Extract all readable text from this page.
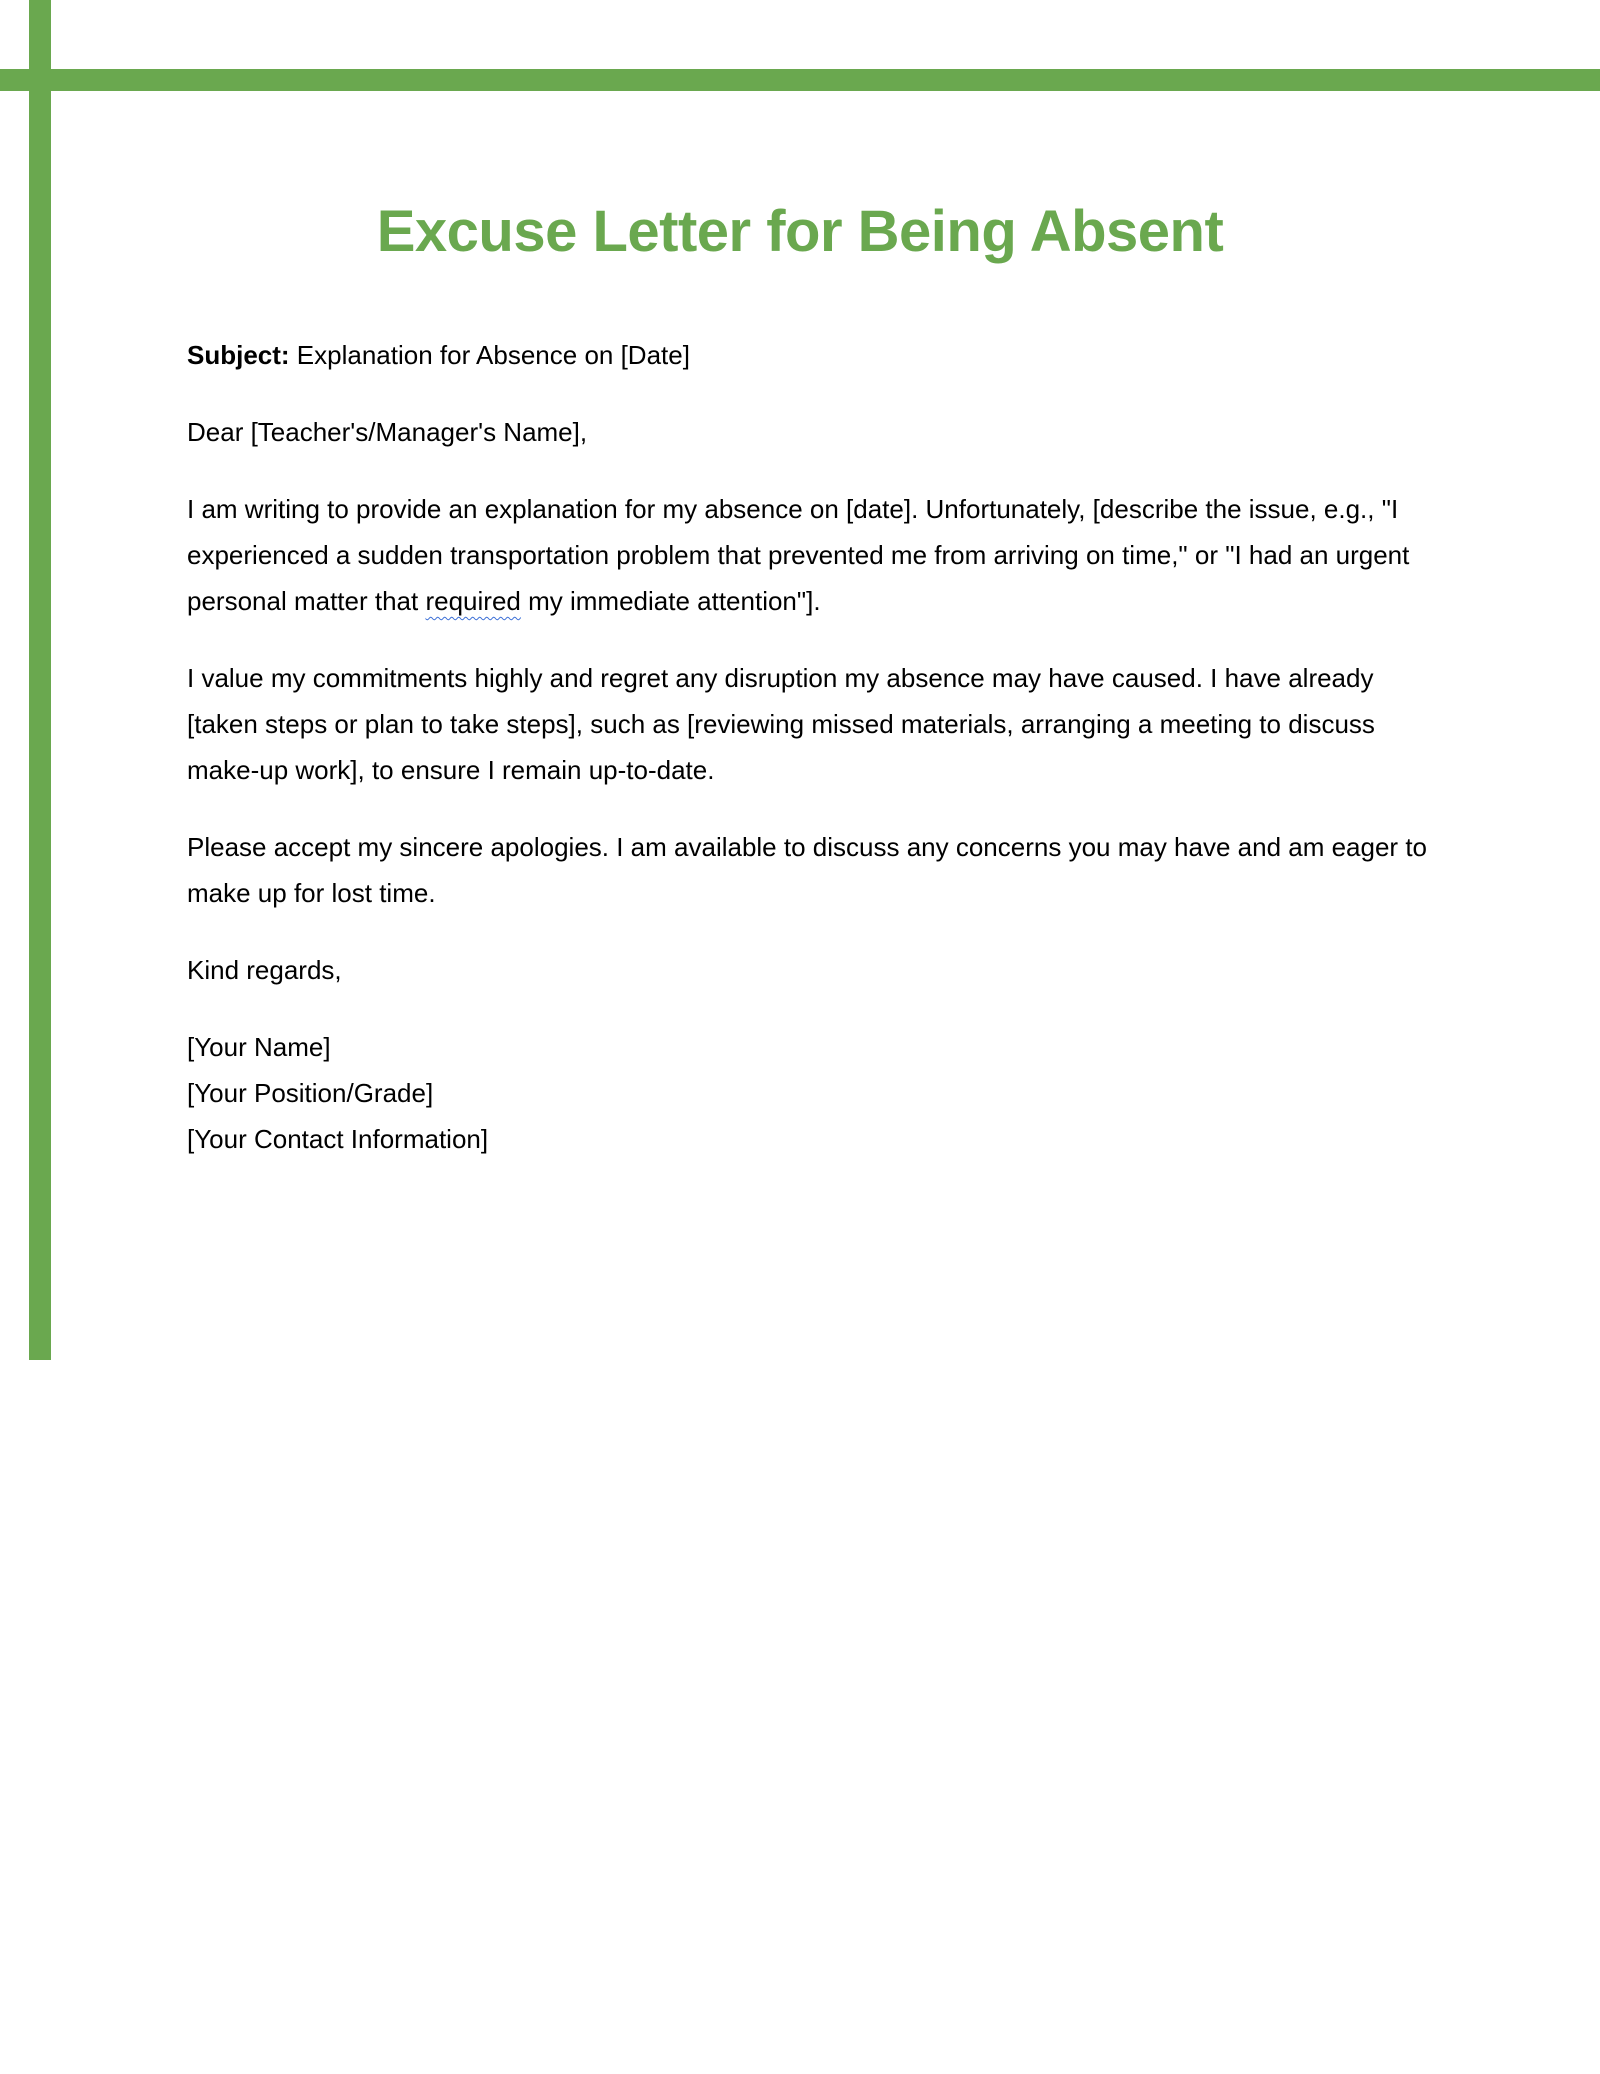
Excuse Letter for Being Absent

Subject: Explanation for Absence on [Date]

Dear [Teacher's/Manager's Name],

I am writing to provide an explanation for my absence on [date]. Unfortunately, [describe the issue, e.g., "I experienced a sudden transportation problem that prevented me from arriving on time," or "I had an urgent personal matter that required my immediate attention"].

I value my commitments highly and regret any disruption my absence may have caused. I have already [taken steps or plan to take steps], such as [reviewing missed materials, arranging a meeting to discuss make-up work], to ensure I remain up-to-date.

Please accept my sincere apologies. I am available to discuss any concerns you may have and am eager to make up for lost time.

Kind regards,

[Your Name]
[Your Position/Grade]
[Your Contact Information]
